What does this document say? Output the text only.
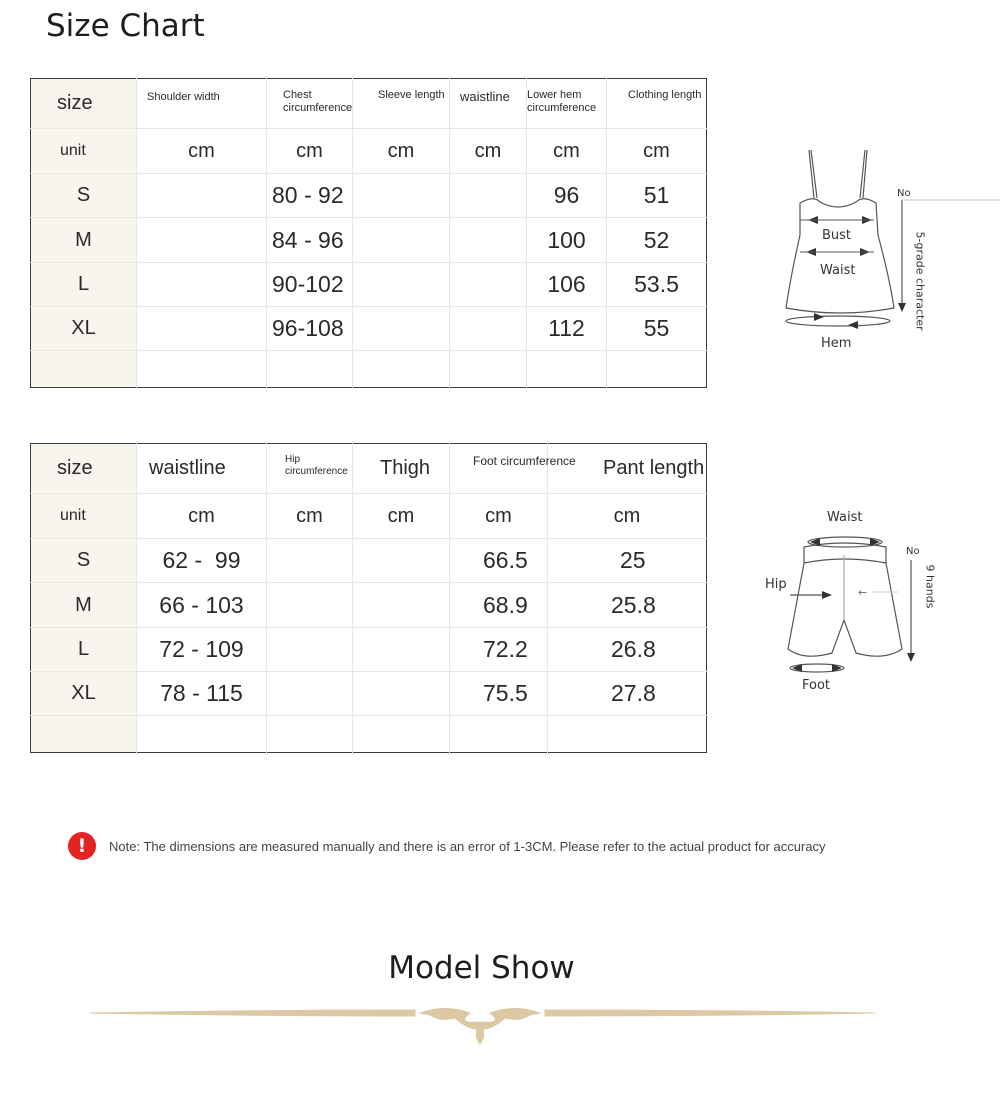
Size Chart
size	Shoulder width	Chest circumference	Sleeve length	waistline	Lower hem circumference	Clothing length
unit	cm	cm	cm	cm	cm	cm
S		80 - 92			96	51
M		84 - 96			100	52
L		90-102			106	53.5
XL		96-108			112	55

Bust
Waist
Hem
No
5-grade character
size	waistline	Hip circumference	Thigh	Foot circumference	Pant length
unit	cm	cm	cm	cm	cm
S	62 -  99			66.5	25
M	66 - 103			68.9	25.8
L	72 - 109			72.2	26.8
XL	78 - 115			75.5	27.8

←
Waist
Hip
Foot
No
9 hands
!	Note: The dimensions are measured manually and there is an error of 1-3CM. Please refer to the actual product for accuracy
Model Show
